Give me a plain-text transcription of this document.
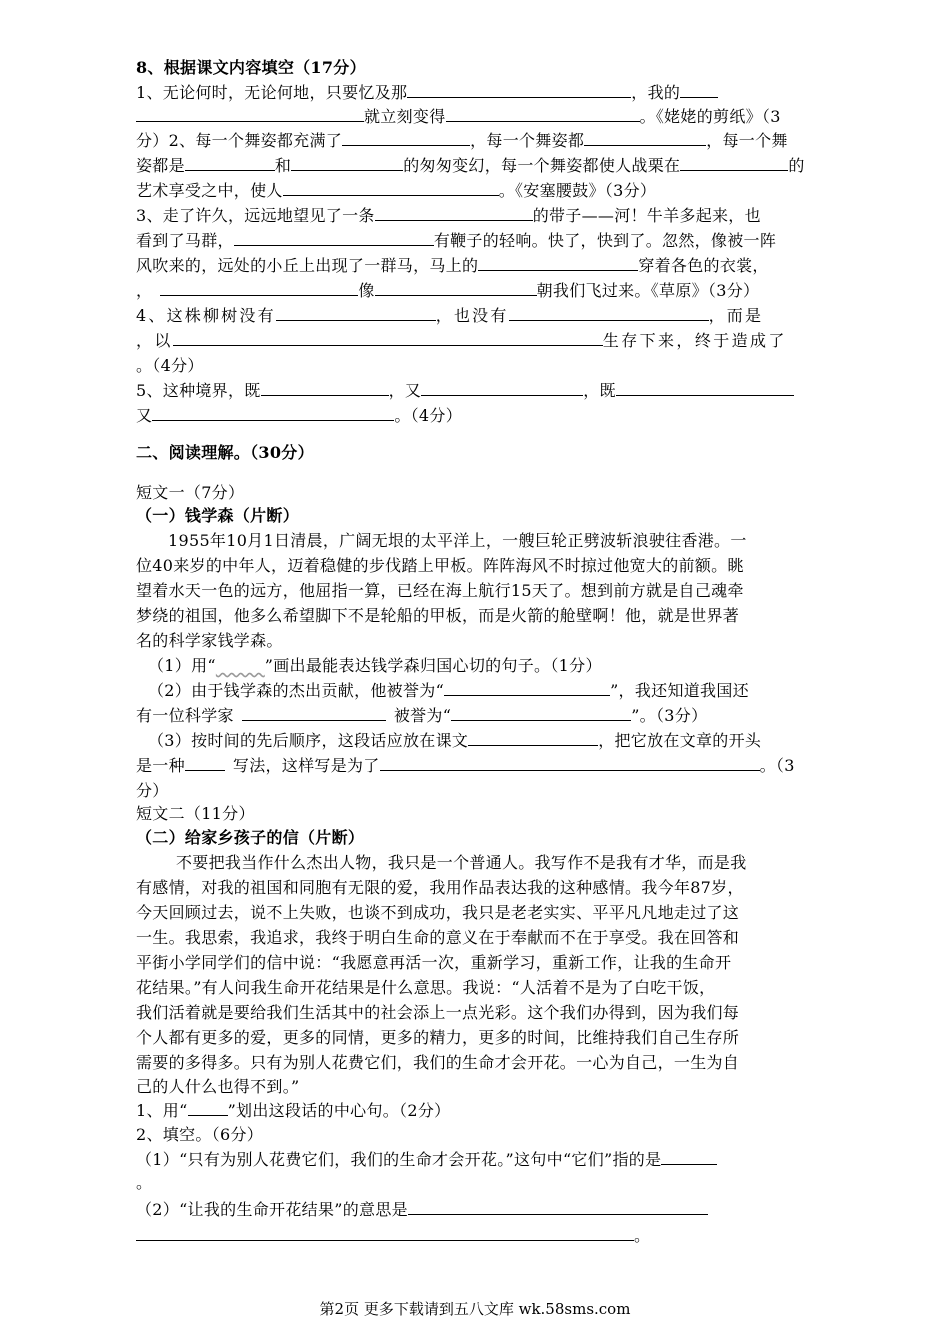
8、根据课文内容填空（17分）
1、无论何时，无论何地，只要忆及那	，我的
就立刻变得	。《姥姥的剪纸》（3
分）2、每一个舞姿都充满了	，每一个舞姿都	，每一个舞
姿都是	和	的匆匆变幻，每一个舞姿都使人战栗在	的
艺术享受之中，使人	。《安塞腰鼓》（3分）
3、走了许久，远远地望见了一条	的带子——河！牛羊多起来，也
看到了马群，	有鞭子的轻响。快了，快到了。忽然，像被一阵
风吹来的，远处的小丘上出现了一群马，马上的	穿着各色的衣裳，
，	像	朝我们飞过来。《草原》（3分）
4、这株柳树没有	，也没有	，而是
，以	生存下来，终于造成了
。（4分）
5、这种境界，既	，又	，既
又	。（4分）
二、阅读理解。（30分）
短文一（7分）
（一）钱学森（片断）
1955年10月1日清晨，广阔无垠的太平洋上，一艘巨轮正劈波斩浪驶往香港。一
位40来岁的中年人，迈着稳健的步伐踏上甲板。阵阵海风不时掠过他宽大的前额。眺
望着水天一色的远方，他屈指一算，已经在海上航行15天了。想到前方就是自己魂牵
梦绕的祖国，他多么希望脚下不是轮船的甲板，而是火箭的舱壁啊！他，就是世界著
名的科学家钱学森。
（1）用“	”画出最能表达钱学森归国心切的句子。（1分）
（2）由于钱学森的杰出贡献，他被誉为“	”，我还知道我国还
有一位科学家	被誉为“	”。（3分）
（3）按时间的先后顺序，这段话应放在课文	，把它放在文章的开头
是一种	写法，这样写是为了	。（3
分）
短文二（11分）
（二）给家乡孩子的信（片断）
不要把我当作什么杰出人物，我只是一个普通人。我写作不是我有才华，而是我
有感情，对我的祖国和同胞有无限的爱，我用作品表达我的这种感情。我今年87岁，
今天回顾过去，说不上失败，也谈不到成功，我只是老老实实、平平凡凡地走过了这
一生。我思索，我追求，我终于明白生命的意义在于奉献而不在于享受。我在回答和
平街小学同学们的信中说：“我愿意再活一次，重新学习，重新工作，让我的生命开
花结果。”有人问我生命开花结果是什么意思。我说：“人活着不是为了白吃干饭，
我们活着就是要给我们生活其中的社会添上一点光彩。这个我们办得到，因为我们每
个人都有更多的爱，更多的同情，更多的精力，更多的时间，比维持我们自己生存所
需要的多得多。只有为别人花费它们，我们的生命才会开花。一心为自己，一生为自
己的人什么也得不到。”
1、用“	”划出这段话的中心句。（2分）
2、填空。（6分）
（1）“只有为别人花费它们，我们的生命才会开花。”这句中“它们”指的是
。
（2）“让我的生命开花结果”的意思是
。
第2页 更多下载请到五八文库 wk.58sms.com
